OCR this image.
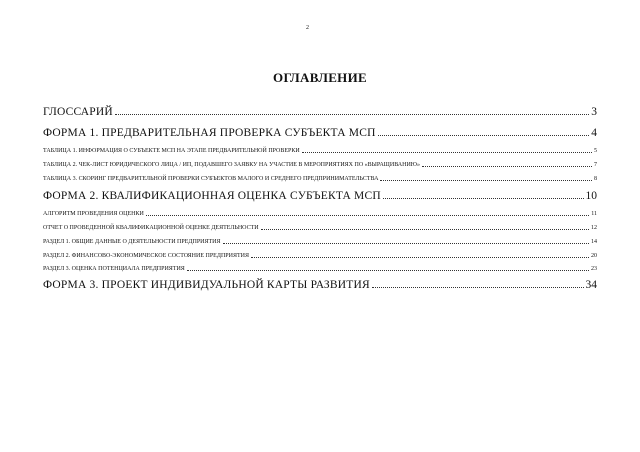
2
ОГЛАВЛЕНИЕ
ГЛОССАРИЙ	3
ФОРМА 1. ПРЕДВАРИТЕЛЬНАЯ ПРОВЕРКА СУБЪЕКТА МСП	4
ТАБЛИЦА 1. ИНФОРМАЦИЯ О СУБЪЕКТЕ МСП НА ЭТАПЕ ПРЕДВАРИТЕЛЬНОЙ ПРОВЕРКИ	5
ТАБЛИЦА 2. ЧЕК-ЛИСТ ЮРИДИЧЕСКОГО ЛИЦА / ИП, ПОДАВШЕГО ЗАЯВКУ НА УЧАСТИЕ В МЕРОПРИЯТИЯХ ПО «ВЫРАЩИВАНИЮ»	7
ТАБЛИЦА 3. СКОРИНГ ПРЕДВАРИТЕЛЬНОЙ ПРОВЕРКИ СУБЪЕКТОВ МАЛОГО И СРЕДНЕГО ПРЕДПРИНИМАТЕЛЬСТВА	8
ФОРМА 2. КВАЛИФИКАЦИОННАЯ ОЦЕНКА СУБЪЕКТА МСП	10
АЛГОРИТМ ПРОВЕДЕНИЯ ОЦЕНКИ	11
ОТЧЕТ О ПРОВЕДЕННОЙ КВАЛИФИКАЦИОННОЙ ОЦЕНКЕ ДЕЯТЕЛЬНОСТИ	12
РАЗДЕЛ 1. ОБЩИЕ ДАННЫЕ О ДЕЯТЕЛЬНОСТИ ПРЕДПРИЯТИЯ	14
РАЗДЕЛ 2. ФИНАНСОВО-ЭКОНОМИЧЕСКОЕ СОСТОЯНИЕ ПРЕДПРИЯТИЯ	20
РАЗДЕЛ 3. ОЦЕНКА ПОТЕНЦИАЛА ПРЕДПРИЯТИЯ	23
ФОРМА 3. ПРОЕКТ ИНДИВИДУАЛЬНОЙ КАРТЫ РАЗВИТИЯ	34
